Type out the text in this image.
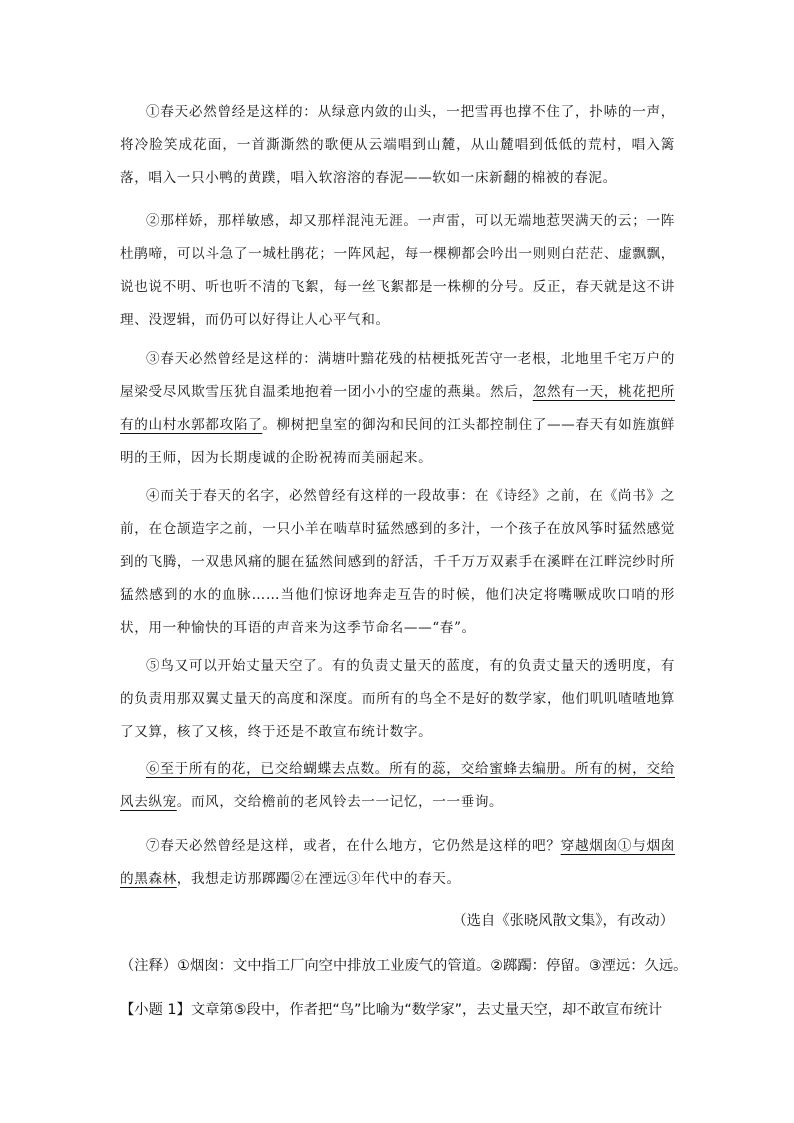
①春天必然曾经是这样的：从绿意内敛的山头，一把雪再也撑不住了，扑哧的一声，将冷脸笑成花面，一首澌澌然的歌便从云端唱到山麓，从山麓唱到低低的荒村，唱入篱落，唱入一只小鸭的黄蹼，唱入软溶溶的春泥——软如一床新翻的棉被的春泥。

②那样娇，那样敏感，却又那样混沌无涯。一声雷，可以无端地惹哭满天的云；一阵杜鹃啼，可以斗急了一城杜鹃花；一阵风起，每一棵柳都会吟出一则则白茫茫、虚飘飘，说也说不明、听也听不清的飞絮，每一丝飞絮都是一株柳的分号。反正，春天就是这不讲理、没逻辑，而仍可以好得让人心平气和。

③春天必然曾经是这样的：满塘叶黯花残的枯梗抵死苦守一老根，北地里千宅万户的屋梁受尽风欺雪压犹自温柔地抱着一团小小的空虚的燕巢。然后，忽然有一天，桃花把所有的山村水郭都攻陷了。柳树把皇室的御沟和民间的江头都控制住了——春天有如旌旗鲜明的王师，因为长期虔诚的企盼祝祷而美丽起来。

④而关于春天的名字，必然曾经有这样的一段故事：在《诗经》之前，在《尚书》之前，在仓颉造字之前，一只小羊在啮草时猛然感到的多汁，一个孩子在放风筝时猛然感觉到的飞腾，一双患风痛的腿在猛然间感到的舒活，千千万万双素手在溪畔在江畔浣纱时所猛然感到的水的血脉……当他们惊讶地奔走互告的时候，他们决定将嘴噘成吹口哨的形状，用一种愉快的耳语的声音来为这季节命名——“春”。

⑤鸟又可以开始丈量天空了。有的负责丈量天的蓝度，有的负责丈量天的透明度，有的负责用那双翼丈量天的高度和深度。而所有的鸟全不是好的数学家，他们叽叽喳喳地算了又算，核了又核，终于还是不敢宣布统计数字。

⑥至于所有的花，已交给蝴蝶去点数。所有的蕊，交给蜜蜂去编册。所有的树，交给风去纵宠。而风，交给檐前的老风铃去一一记忆，一一垂询。

⑦春天必然曾经是这样，或者，在什么地方，它仍然是这样的吧？穿越烟囱①与烟囱的黑森林，我想走访那踯躅②在湮远③年代中的春天。

（选自《张晓风散文集》，有改动）
（注释）①烟囱：文中指工厂向空中排放工业废气的管道。②踯躅：停留。③湮远：久远。
【小题 1】文章第⑤段中，作者把“鸟”比喻为“数学家”，去丈量天空，却不敢宣布统计
